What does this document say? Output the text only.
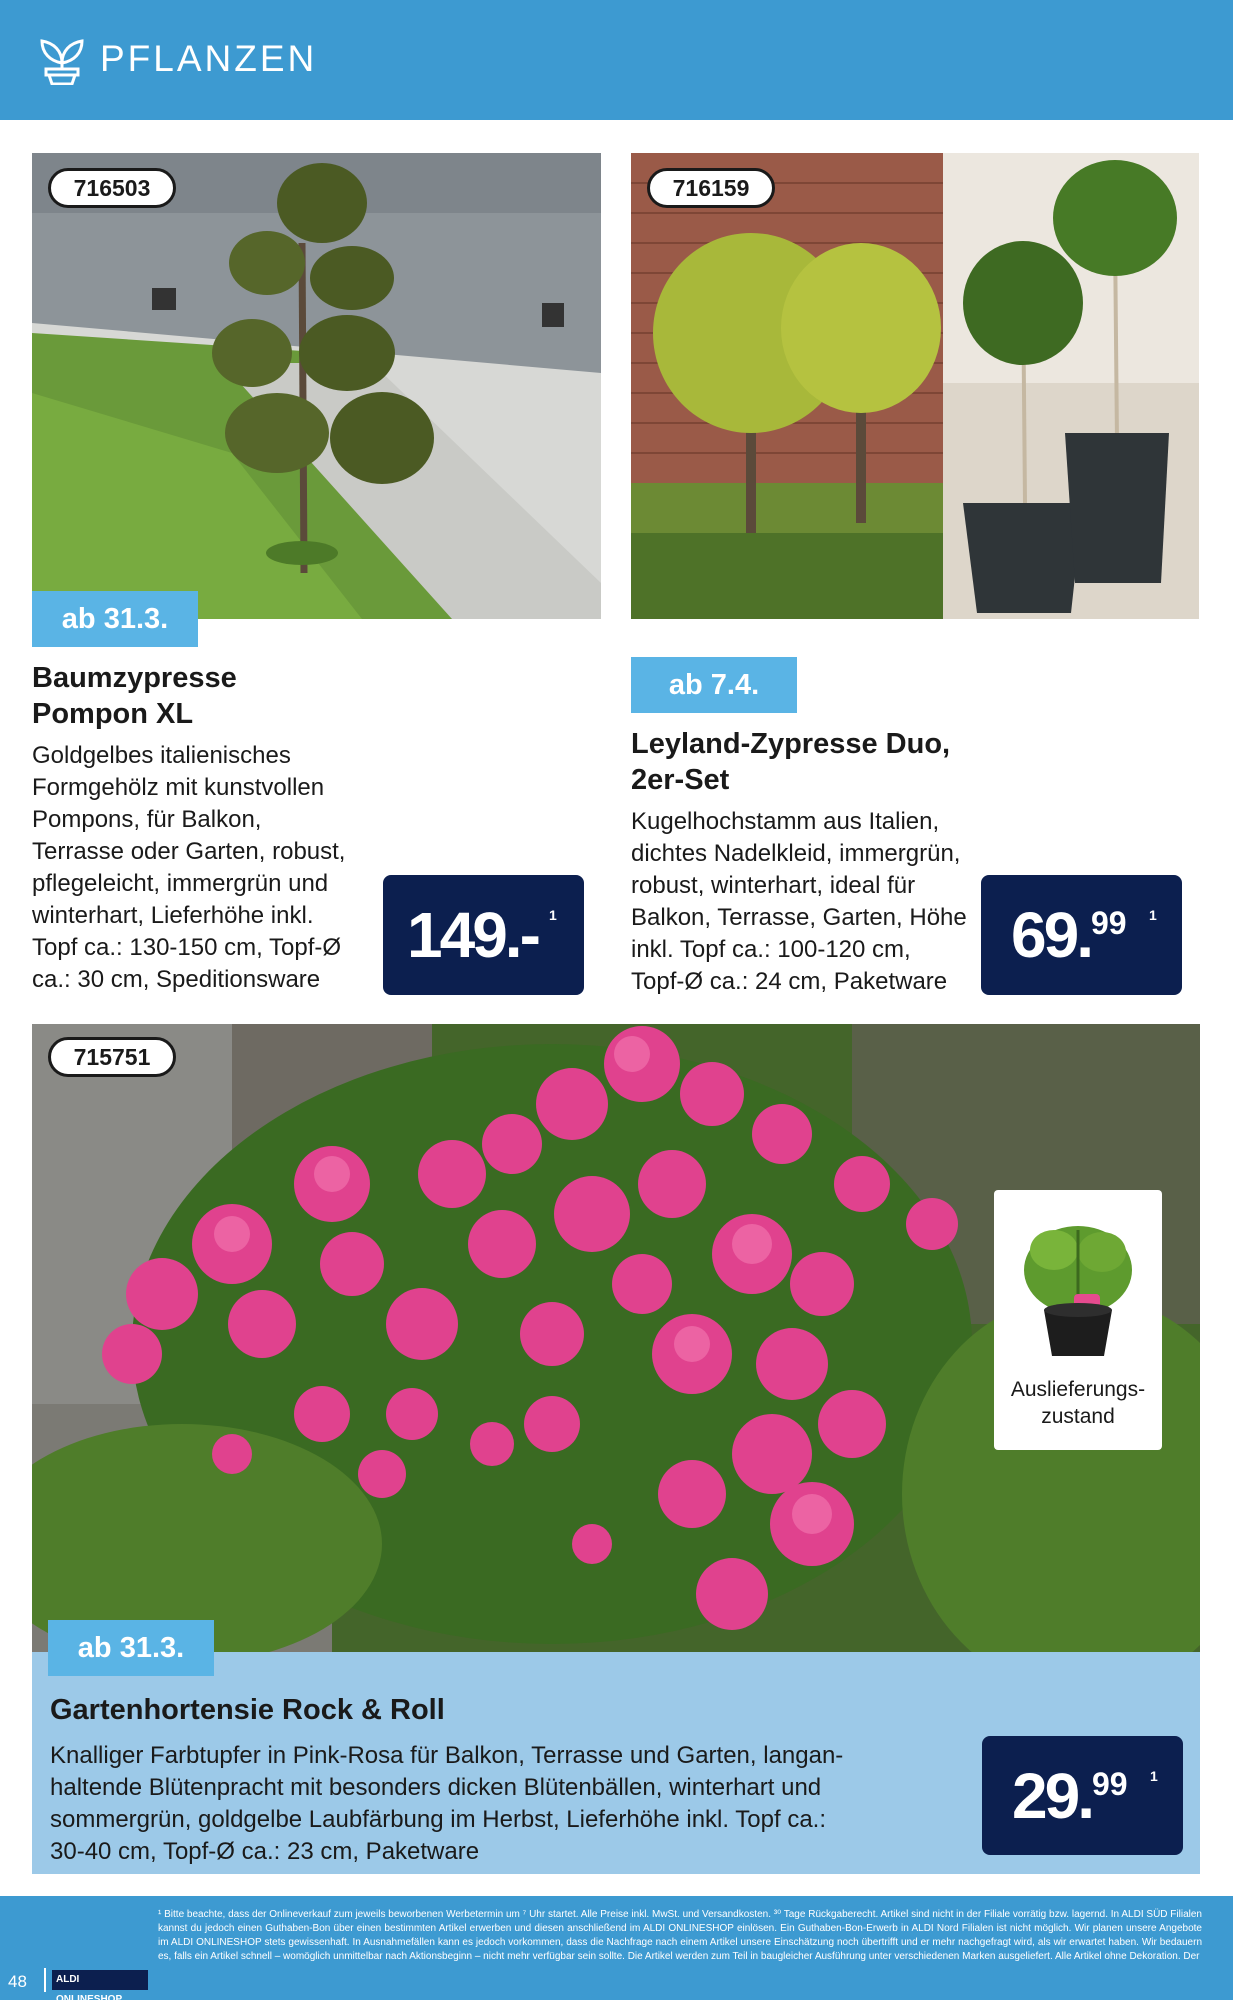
PFLANZEN
716503
ab 31.3.
Baumzypresse
Pompon XL
Goldgelbes italienisches
Formgehölz mit kunstvollen
Pompons, für Balkon,
Terrasse oder Garten, robust,
pflegeleicht, immergrün und
winterhart, Lieferhöhe inkl.
Topf ca.: 130-150 cm, Topf-Ø
ca.: 30 cm, Speditionsware
149.- 1
716159
ab 7.4.
Leyland-Zypresse Duo,
2er-Set
Kugelhochstamm aus Italien,
dichtes Nadelkleid, immergrün,
robust, winterhart, ideal für
Balkon, Terrasse, Garten, Höhe
inkl. Topf ca.: 100-120 cm,
Topf-Ø ca.: 24 cm, Paketware
69. 99 1
715751
Auslieferungs-
zustand
ab 31.3.
Gartenhortensie Rock & Roll
Knalliger Farbtupfer in Pink-Rosa für Balkon, Terrasse und Garten, langan-
haltende Blütenpracht mit besonders dicken Blütenbällen, winterhart und
sommergrün, goldgelbe Laubfärbung im Herbst, Lieferhöhe inkl. Topf ca.:
30-40 cm, Topf-Ø ca.: 23 cm, Paketware
29. 99 1
48	ALDI ONLINESHOP
¹ Bitte beachte, dass der Onlineverkauf zum jeweils beworbenen Werbetermin um ⁷ Uhr startet. Alle Preise inkl. MwSt. und Versandkosten. ³⁰ Tage Rückgaberecht. Artikel sind nicht in der Filiale vorrätig bzw. lagernd. In ALDI SÜD Filialen kannst du jedoch einen Guthaben-Bon über einen bestimmten Artikel erwerben und diesen anschließend im ALDI ONLINESHOP einlösen. Ein Guthaben-Bon-Erwerb in ALDI Nord Filialen ist nicht möglich. Wir planen unsere Angebote im ALDI ONLINESHOP stets gewissenhaft. In Ausnahmefällen kann es jedoch vorkommen, dass die Nachfrage nach einem Artikel unsere Einschätzung noch übertrifft und er mehr nachgefragt wird, als wir erwartet haben. Wir bedauern es, falls ein Artikel schnell – womöglich unmittelbar nach Aktionsbeginn – nicht mehr verfügbar sein sollte. Die Artikel werden zum Teil in baugleicher Ausführung unter verschiedenen Marken ausgeliefert. Alle Artikel ohne Dekoration. Der
